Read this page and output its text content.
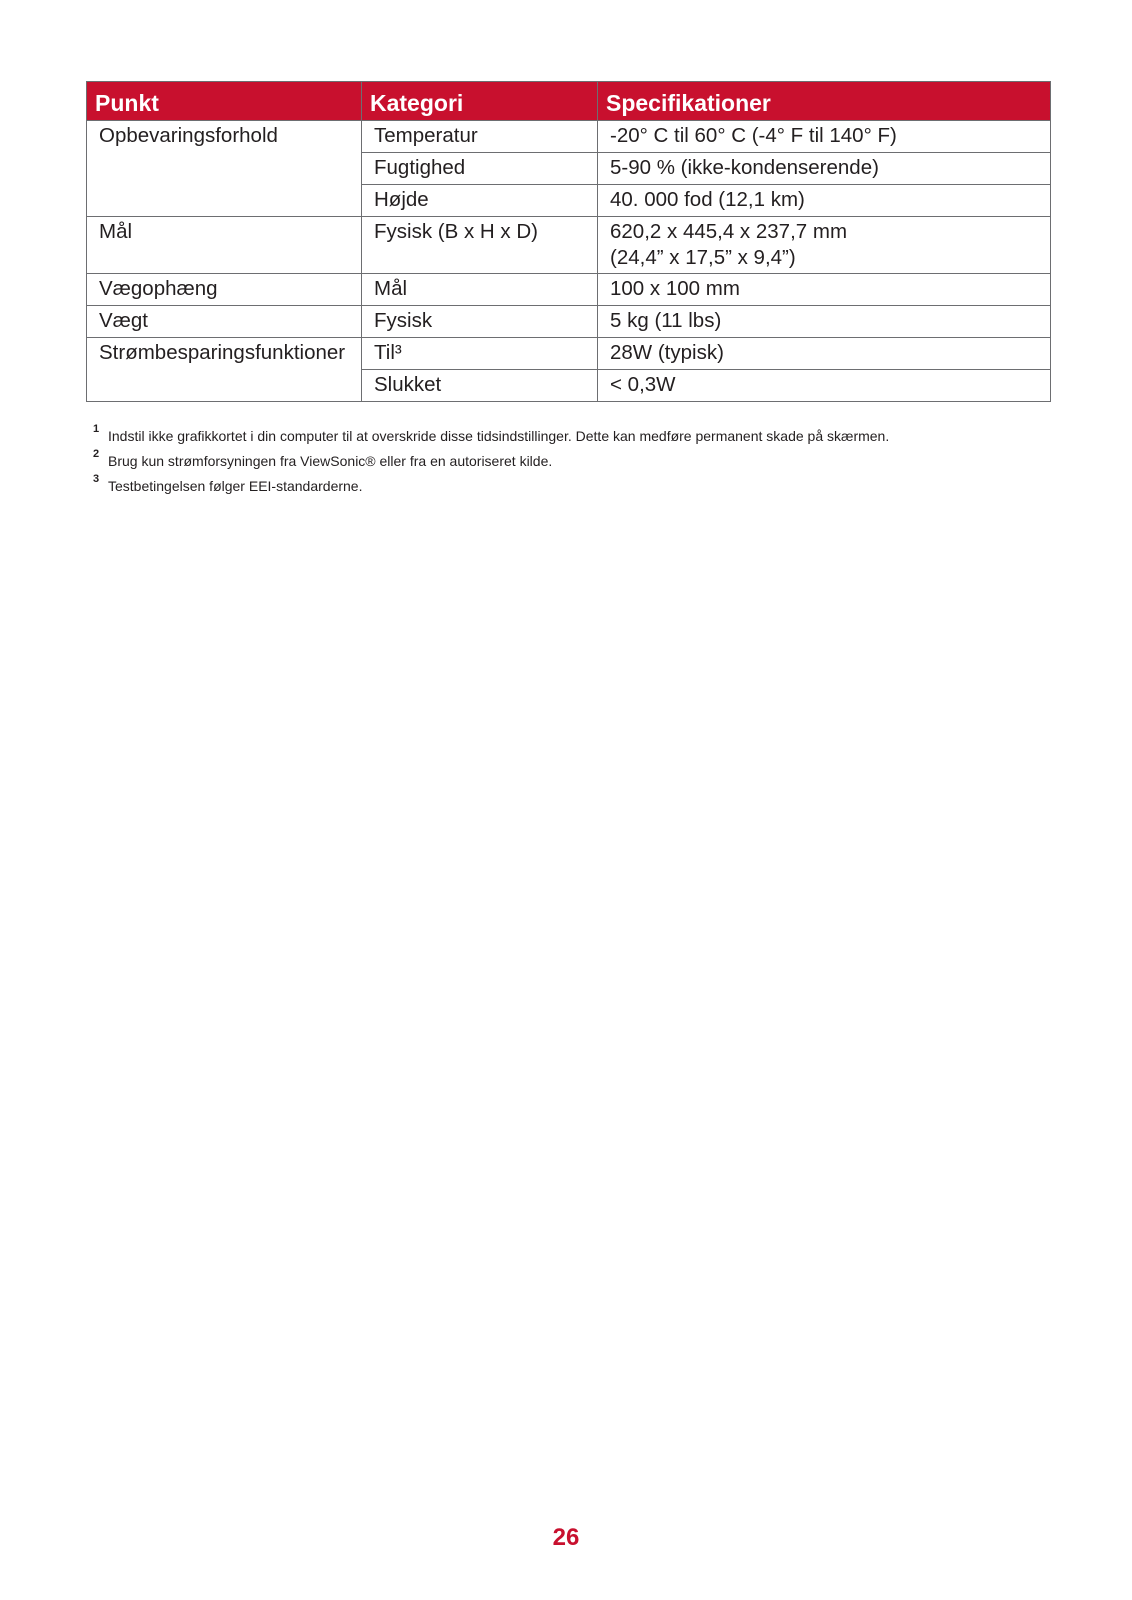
Punkt	Kategori	Specifikationer
Opbevaringsforhold	Temperatur	-20° C til 60° C (-4° F til 140° F)
	Fugtighed	5-90 % (ikke-kondenserende)
	Højde	40. 000 fod (12,1 km)
Mål	Fysisk (B x H x D)	620,2 x 445,4 x 237,7 mm
(24,4” x 17,5” x 9,4”)

Vægophæng	Mål	100 x 100 mm
Vægt	Fysisk	5 kg (11 lbs)
Strømbesparingsfunktioner	Til³	28W (typisk)
	Slukket	< 0,3W
1 Indstil ikke grafikkortet i din computer til at overskride disse tidsindstillinger. Dette kan medføre permanent skade på skærmen.
2 Brug kun strømforsyningen fra ViewSonic® eller fra en autoriseret kilde.
3 Testbetingelsen følger EEI-standarderne.
26
